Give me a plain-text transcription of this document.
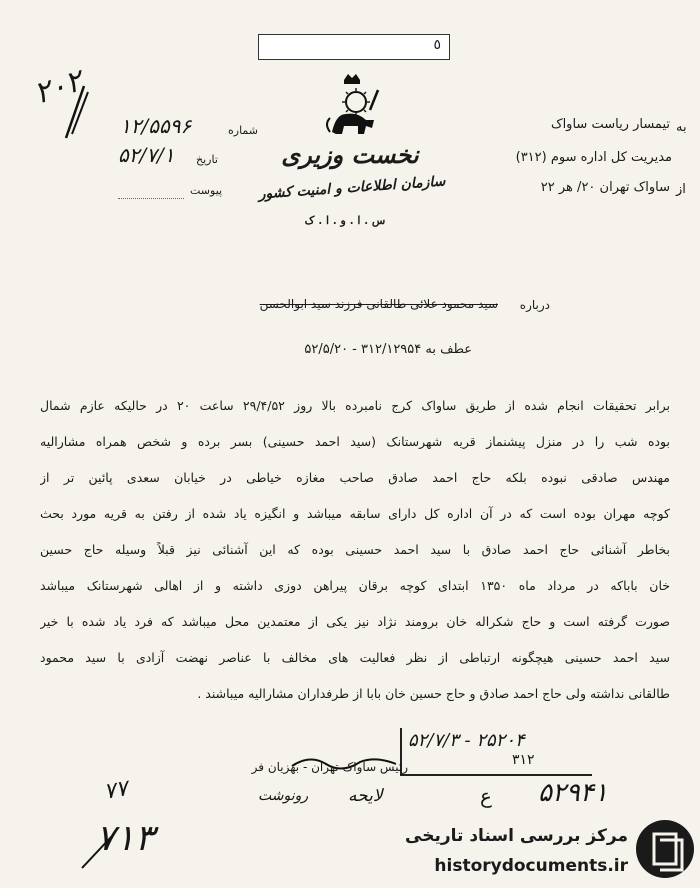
٥
۲۰۲
شماره
۱۲/۵۵۹۶
تاریخ
۵۲/۷/۱
پیوست
نخست وزیری
سازمان اطلاعات و امنیت کشور
س . ا . و . ا . ک
به
تیمسار ریاست ساواک
مدیریت کل اداره سوم (۳۱۲)
از
ساواک تهران ۲۰/ هر ۲۲
درباره
سید محمود علائی طالقانی فرزند سید ابوالحسن
عطف به ۳۱۲/۱۲۹۵۴ - ۵۲/۵/۲۰
برابر تحقیقات انجام شده از طریق ساواک کرج نامبرده بالا روز ۲۹/۴/۵۲ ساعت ۲۰ در حالیکه عازم شمال
بوده شب را در منزل پیشنماز قریه شهرستانک (سید احمد حسینی) بسر برده و شخص همراه مشارالیه
مهندس صادقی نبوده بلکه حاج احمد صادق صاحب مغازه خیاطی در خیابان سعدی پائین تر از
کوچه مهران بوده است که در آن اداره کل دارای سابقه میباشد و انگیزه یاد شده از رفتن به قریه مورد بحث
بخاطر آشنائی حاج احمد صادق با سید احمد حسینی بوده که این آشنائی نیز قبلاً وسیله حاج حسین
خان باباکه در مرداد ماه ۱۳۵۰ ابتدای کوچه برقان پیراهن دوزی داشته و از اهالی شهرستانک میباشد
صورت گرفته است و حاج شکراله خان برومند نژاد نیز یکی از معتمدین محل میباشد که فرد یاد شده با خیر
سید احمد حسینی هیچگونه ارتباطی از نظر فعالیت های مخالف با عناصر نهضت آزادی با سید محمود
طالقانی نداشته ولی حاج احمد صادق و حاج حسین خان بابا از طرفداران مشارالیه میباشند .
۲۵۲۰۴ - ۵۲/۷/۳
۳۱۲
رئیس ساواک تهران - بهزیان فر
رونوشت لایحه	ع ۵۲۹۴۱
۷۷
۷۱۳	مرکز بررسی اسناد تاریخی
historydocuments.ir
